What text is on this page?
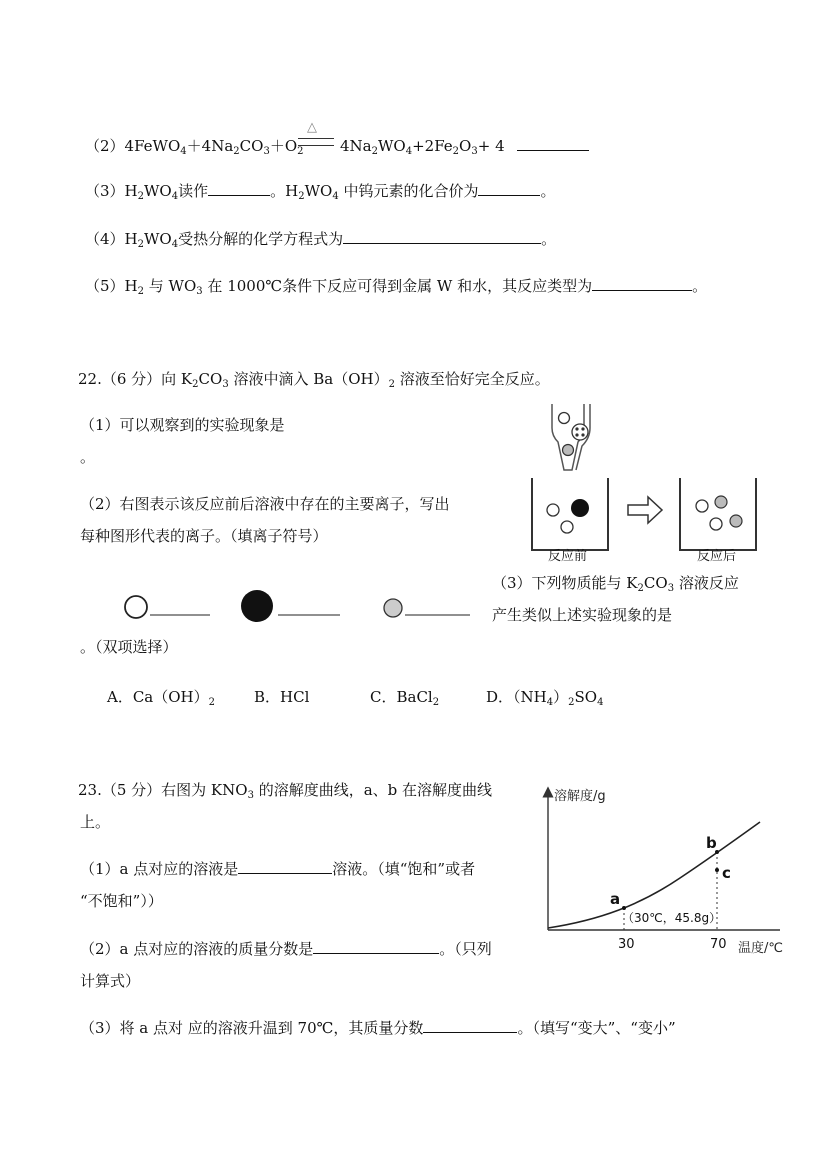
$(2)4FeWO_4+4Na_2CO_3+O_2$
△
$4Na_2WO_4+2Fe_2O_3+ 4$
$(3)H_2WO_4$读作	。$H_2WO_4$ 中钨元素的化合价为	。
$(4)H_2WO_4$受热分解的化学方程式为	。
$(5)H_2$ 与 $WO_3$ 在 1000℃条件下反应可得到金属 W 和水，其反应类型为	。
22.（6 分）向 $K_2CO_3$ 溶液中滴入 $Ba(OH)_2$ 溶液至恰好完全反应。
（1）可以观察到的实验现象是
。
（2）右图表示该反应前后溶液中存在的主要离子，写出
每种图形代表的离子。（填离子符号）
反应前	反应后
（3）下列物质能与 $K_2CO_3$ 溶液反应
产生类似上述实验现象的是
。（双项选择）
A．$Ca(OH)_2$	B．HCl	C．BaCl$_2$	D．$(NH_4)_2SO_4$
23.（5 分）右图为 $KNO_3$ 的溶解度曲线，a、b 在溶解度曲线
上。
（1）a 点对应的溶液是	溶液。（填“饱和”或者
“不饱和”））
（2）a 点对应的溶液的质量分数是	。（只列
计算式）
（3）将 a 点对 应的溶液升温到 70℃，其质量分数	。（填写“变大”、“变小”
溶解度/g
温度/℃
a
b
c
（30℃，45.8g）
30	70
